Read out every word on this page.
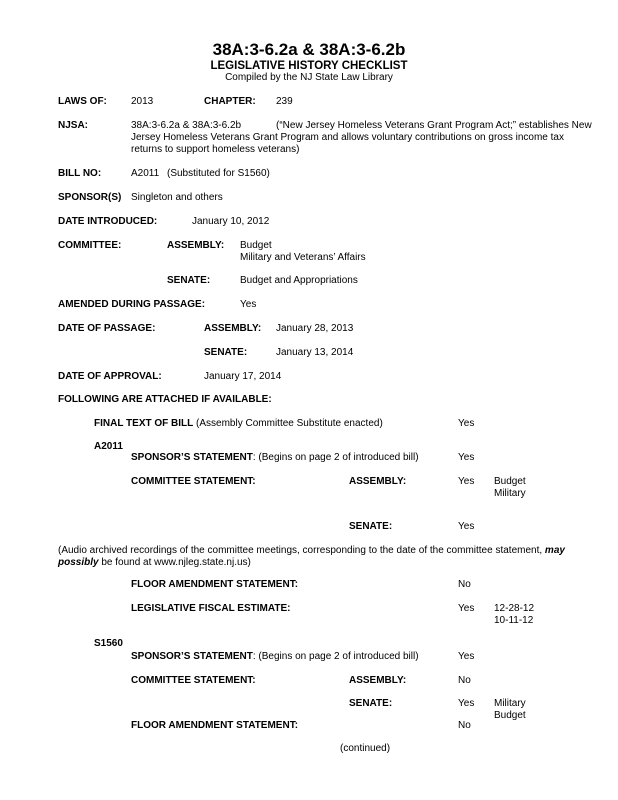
38A:3-6.2a & 38A:3-6.2b
LEGISLATIVE HISTORY CHECKLIST
Compiled by the NJ State Law Library
LAWS OF: 2013	CHAPTER: 239
NJSA:	38A:3-6.2a & 38A:3-6.2b	(“New Jersey Homeless Veterans Grant Program Act;” establishes New
Jersey Homeless Veterans Grant Program and allows voluntary contributions on gross income tax returns to support homeless veterans)
BILL NO:	A2011 (Substituted for S1560)
SPONSOR(S) Singleton and others
DATE INTRODUCED:	January 10, 2012
COMMITTEE:	ASSEMBLY: Budget
Military and Veterans’ Affairs
SENATE:	Budget and Appropriations
AMENDED DURING PASSAGE:	Yes
DATE OF PASSAGE:	ASSEMBLY: January 28, 2013
SENATE:	January 13, 2014
DATE OF APPROVAL:	January 17, 2014
FOLLOWING ARE ATTACHED IF AVAILABLE:
FINAL TEXT OF BILL (Assembly Committee Substitute enacted)	Yes
A2011
SPONSOR’S STATEMENT: (Begins on page 2 of introduced bill)	Yes
COMMITTEE STATEMENT:	ASSEMBLY:	Yes Budget
Military
SENATE:	Yes
(Audio archived recordings of the committee meetings, corresponding to the date of the committee statement, may possibly be found at www.njleg.state.nj.us)
FLOOR AMENDMENT STATEMENT:	No
LEGISLATIVE FISCAL ESTIMATE:	Yes 12-28-12
10-11-12
S1560
SPONSOR’S STATEMENT: (Begins on page 2 of introduced bill)	Yes
COMMITTEE STATEMENT:	ASSEMBLY:	No
SENATE:	Yes Military
Budget
FLOOR AMENDMENT STATEMENT:	No
(continued)
